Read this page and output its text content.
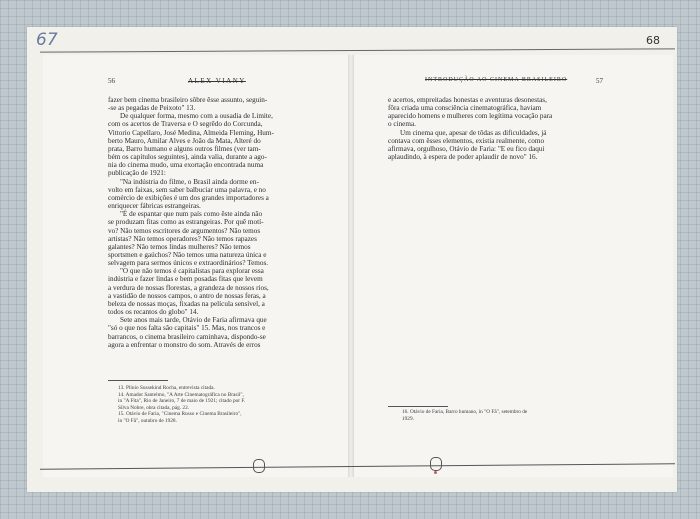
67	68
56	ALEX VIANY	INTRODUÇÃO AO CINEMA BRASILEIRO	57

fazer bem cinema brasileiro sôbre êsse assunto, seguin-

-se as pegadas de Peixoto" 13.

De qualquer forma, mesmo com a ousadia de Limite,

com os acertos de Traversa e O segrêdo do Corcunda,

Vittorio Capellaro, José Medina, Almeida Fleming, Hum-

berto Mauro, Amilar Alves e João da Mata, Alteré do

prata, Barro humano e alguns outros filmes (ver tam-

bém os capítulos seguintes), ainda valia, durante a ago-

nia do cinema mudo, uma exortação encontrada numa

publicação de 1921:

"Na indústria do filme, o Brasil ainda dorme en-

volto em faixas, sem saber balbuciar uma palavra, e no

comércio de exibições é um dos grandes importadores a

enriquecer fábricas estrangeiras.

"É de espantar que num país como êste ainda não

se produzam fitas como as estrangeiras. Por quê motí-

vo? Não temos escritores de argumentos? Não temos

artistas? Não temos operadores? Não temos rapazes

galantes? Não temos lindas mulheres? Não temos

sportsmen e gaúchos? Não temos uma natureza única e

selvagem para sermos únicos e extraordinários? Temos.

"O que não temos é capitalistas para explorar essa

indústria e fazer lindas e bem posadas fitas que levem

a verdura de nossas florestas, a grandeza de nossos rios,

a vastidão de nossos campos, o antro de nossas feras, a

beleza de nossas moças, fixadas na película sensível, a

todos os recantos do globo" 14.

Sete anos mais tarde, Otávio de Faria afirmava que

"só o que nos falta são capitais" 15. Mas, nos trancos e

barrancos, o cinema brasileiro caminhava, dispondo-se

agora a enfrentar o monstro do som. Através de erros

13. Plínio Sussekind Rocha, entrevista citada.

14. Amador Santelmo, "A Arte Cinematográfica no Brasil",

in "A Fita", Rio de Janeiro, 7 de maio de 1921; citado por F.

Silva Nobre, obra citada, pág. 22.

15. Otávio de Faria, "Cinema Russo e Cinema Brasileiro",

in "O Fã", outubro de 1928.

e acertos, empreitadas honestas e aventuras desonestas,

fôra criada uma consciência cinematográfica, haviam

aparecido homens e mulheres com legítima vocação para

o cinema.

Um cinema que, apesar de tôdas as dificuldades, já

contava com êsses elementos, existia realmente, como

afirmava, orgulhoso, Otávio de Faria: "E eu fico daqui

aplaudindo, à espera de poder aplaudir de novo" 16.

16. Otávio de Faria, Barro humano, in "O Fã", setembro de

1929.
